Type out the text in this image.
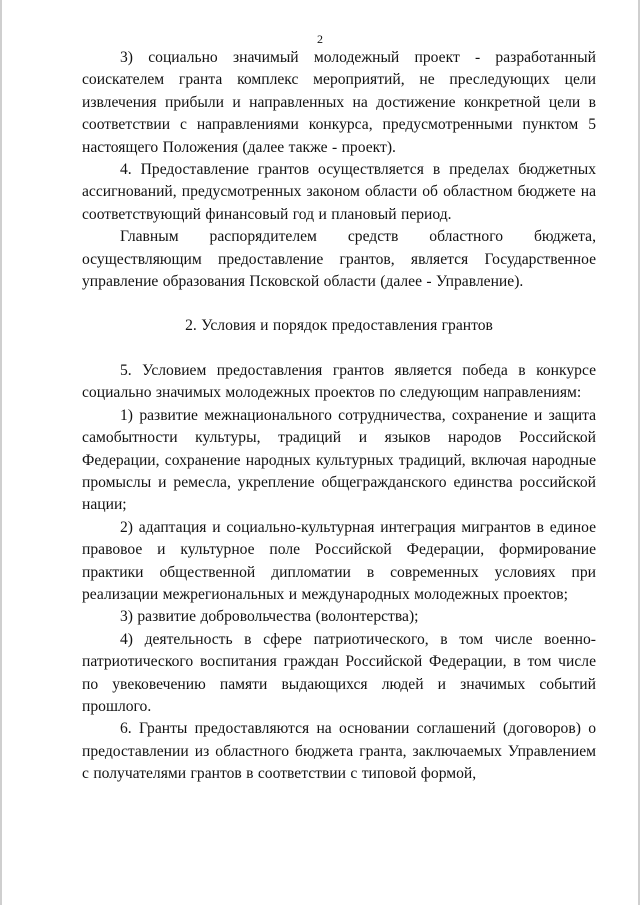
2

3) социально значимый молодежный проект - разработанный соискателем гранта комплекс мероприятий, не преследующих цели извлечения прибыли и направленных на достижение конкретной цели в соответствии с направлениями конкурса, предусмотренными пунктом 5 настоящего Положения (далее также - проект).

4. Предоставление грантов осуществляется в пределах бюджетных ассигнований, предусмотренных законом области об областном бюджете на соответствующий финансовый год и плановый период.

Главным распорядителем средств областного бюджета, осуществляющим предоставление грантов, является Государственное управление образования Псковской области (далее - Управление).

2. Условия и порядок предоставления грантов

5. Условием предоставления грантов является победа в конкурсе социально значимых молодежных проектов по следующим направлениям:

1) развитие межнационального сотрудничества, сохранение и защита самобытности культуры, традиций и языков народов Российской Федерации, сохранение народных культурных традиций, включая народные промыслы и ремесла, укрепление общегражданского единства российской нации;

2) адаптация и социально-культурная интеграция мигрантов в единое правовое и культурное поле Российской Федерации, формирование практики общественной дипломатии в современных условиях при реализации межрегиональных и международных молодежных проектов;

3) развитие добровольчества (волонтерства);

4) деятельность в сфере патриотического, в том числе военно-патриотического воспитания граждан Российской Федерации, в том числе по увековечению памяти выдающихся людей и значимых событий прошлого.

6. Гранты предоставляются на основании соглашений (договоров) о предоставлении из областного бюджета гранта, заключаемых Управлением с получателями грантов в соответствии с типовой формой,
